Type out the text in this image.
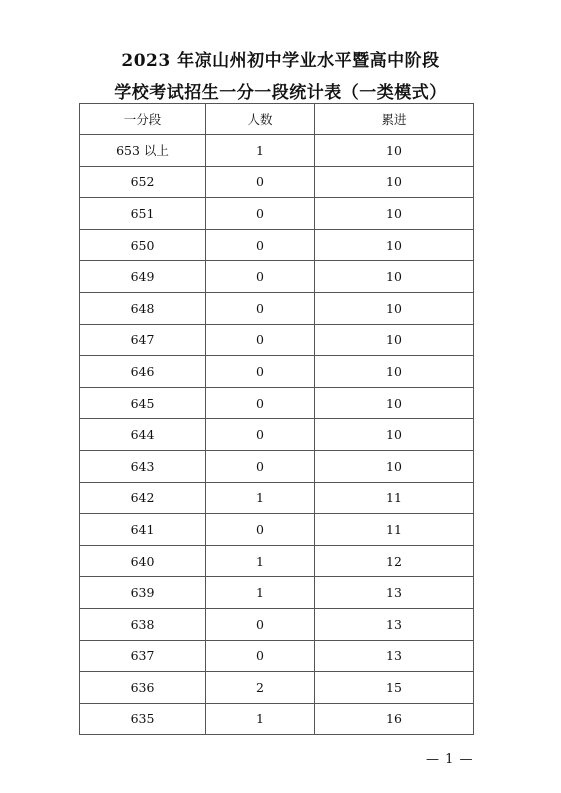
2023 年凉山州初中学业水平暨高中阶段
学校考试招生一分一段统计表（一类模式）
一分段	人数	累进
653 以上	1	10
652	0	10
651	0	10
650	0	10
649	0	10
648	0	10
647	0	10
646	0	10
645	0	10
644	0	10
643	0	10
642	1	11
641	0	11
640	1	12
639	1	13
638	0	13
637	0	13
636	2	15
635	1	16
— 1 —
